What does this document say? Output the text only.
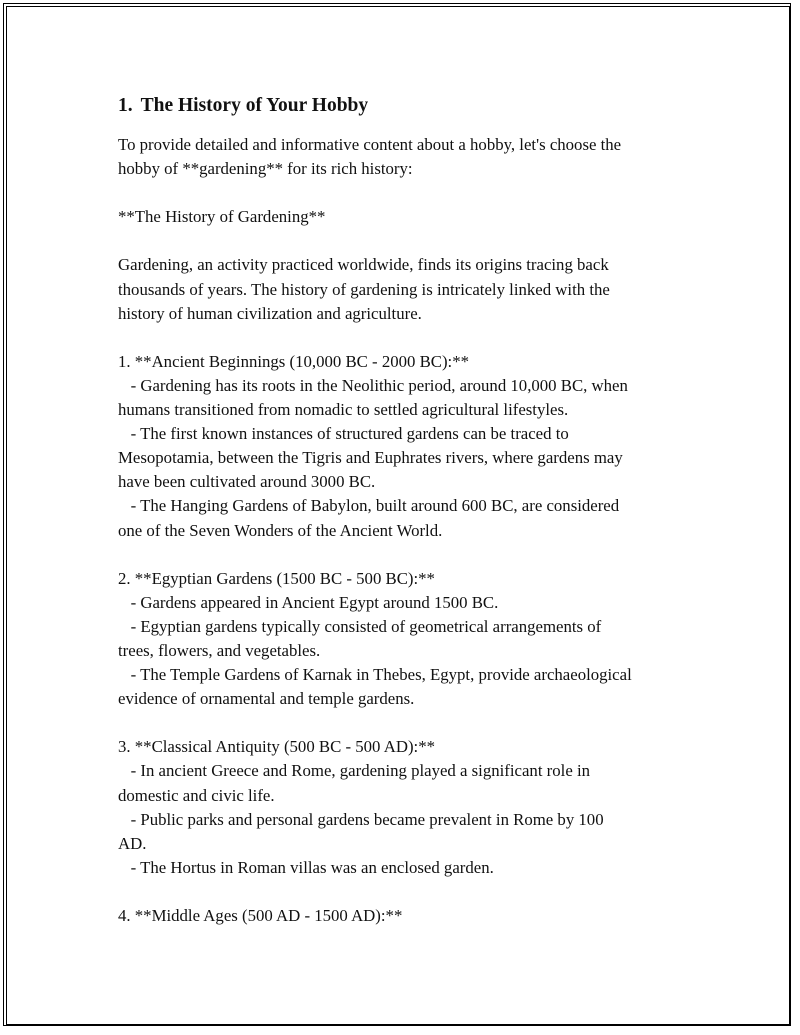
1. The History of Your Hobby

To provide detailed and informative content about a hobby, let's choose the

hobby of **gardening** for its rich history:

**The History of Gardening**

Gardening, an activity practiced worldwide, finds its origins tracing back

thousands of years. The history of gardening is intricately linked with the

history of human civilization and agriculture.

1. **Ancient Beginnings (10,000 BC - 2000 BC):**

- Gardening has its roots in the Neolithic period, around 10,000 BC, when

humans transitioned from nomadic to settled agricultural lifestyles.

- The first known instances of structured gardens can be traced to

Mesopotamia, between the Tigris and Euphrates rivers, where gardens may

have been cultivated around 3000 BC.

- The Hanging Gardens of Babylon, built around 600 BC, are considered

one of the Seven Wonders of the Ancient World.

2. **Egyptian Gardens (1500 BC - 500 BC):**

- Gardens appeared in Ancient Egypt around 1500 BC.

- Egyptian gardens typically consisted of geometrical arrangements of

trees, flowers, and vegetables.

- The Temple Gardens of Karnak in Thebes, Egypt, provide archaeological

evidence of ornamental and temple gardens.

3. **Classical Antiquity (500 BC - 500 AD):**

- In ancient Greece and Rome, gardening played a significant role in

domestic and civic life.

- Public parks and personal gardens became prevalent in Rome by 100

AD.

- The Hortus in Roman villas was an enclosed garden.

4. **Middle Ages (500 AD - 1500 AD):**
